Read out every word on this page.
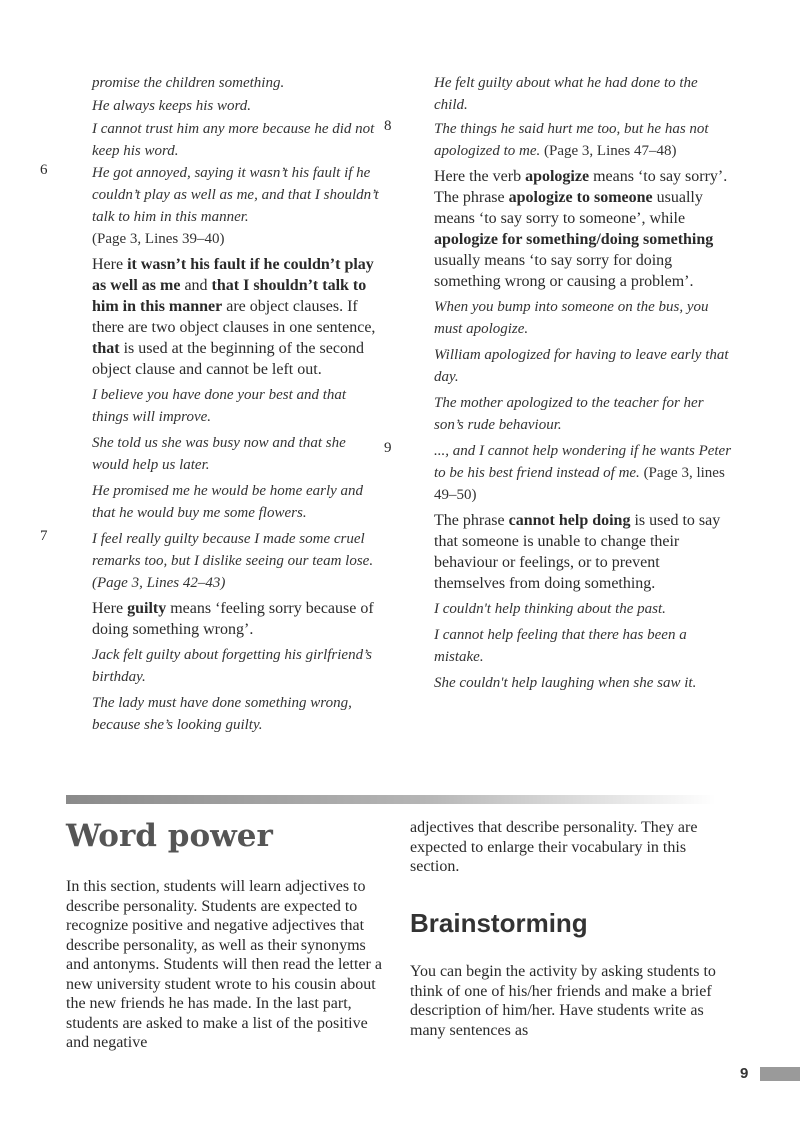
promise the children something.

He always keeps his word.

I cannot trust him any more because he did not keep his word.

6	He got annoyed, saying it wasn’t his fault if he couldn’t play as well as me, and that I shouldn’t talk to him in this manner.
(Page 3, Lines 39–40)

Here it wasn’t his fault if he couldn’t play as well as me and that I shouldn’t talk to him in this manner are object clauses. If there are two object clauses in one sentence, that is used at the beginning of the second object clause and cannot be left out.

I believe you have done your best and that things will improve.

She told us she was busy now and that she would help us later.

He promised me he would be home early and that he would buy me some flowers.

7	I feel really guilty because I made some cruel remarks too, but I dislike seeing our team lose. (Page 3, Lines 42–43)

Here guilty means ‘feeling sorry because of doing something wrong’.

Jack felt guilty about forgetting his girlfriend’s birthday.

The lady must have done something wrong, because she’s looking guilty.

He felt guilty about what he had done to the child.

8	The things he said hurt me too, but he has not apologized to me. (Page 3, Lines 47–48)

Here the verb apologize means ‘to say sorry’. The phrase apologize to someone usually means ‘to say sorry to someone’, while apologize for something/doing something usually means ‘to say sorry for doing something wrong or causing a problem’.

When you bump into someone on the bus, you must apologize.

William apologized for having to leave early that day.

The mother apologized to the teacher for her son’s rude behaviour.

9	..., and I cannot help wondering if he wants Peter to be his best friend instead of me. (Page 3, lines 49–50)

The phrase cannot help doing is used to say that someone is unable to change their behaviour or feelings, or to prevent themselves from doing something.

I couldn't help thinking about the past.

I cannot help feeling that there has been a mistake.

She couldn't help laughing when she saw it.

Word power

In this section, students will learn adjectives to describe personality. Students are expected to recognize positive and negative adjectives that describe personality, as well as their synonyms and antonyms. Students will then read the letter a new university student wrote to his cousin about the new friends he has made. In the last part, students are asked to make a list of the positive and negative

adjectives that describe personality. They are expected to enlarge their vocabulary in this section.

Brainstorming

You can begin the activity by asking students to think of one of his/her friends and make a brief description of him/her. Have students write as many sentences as

9
